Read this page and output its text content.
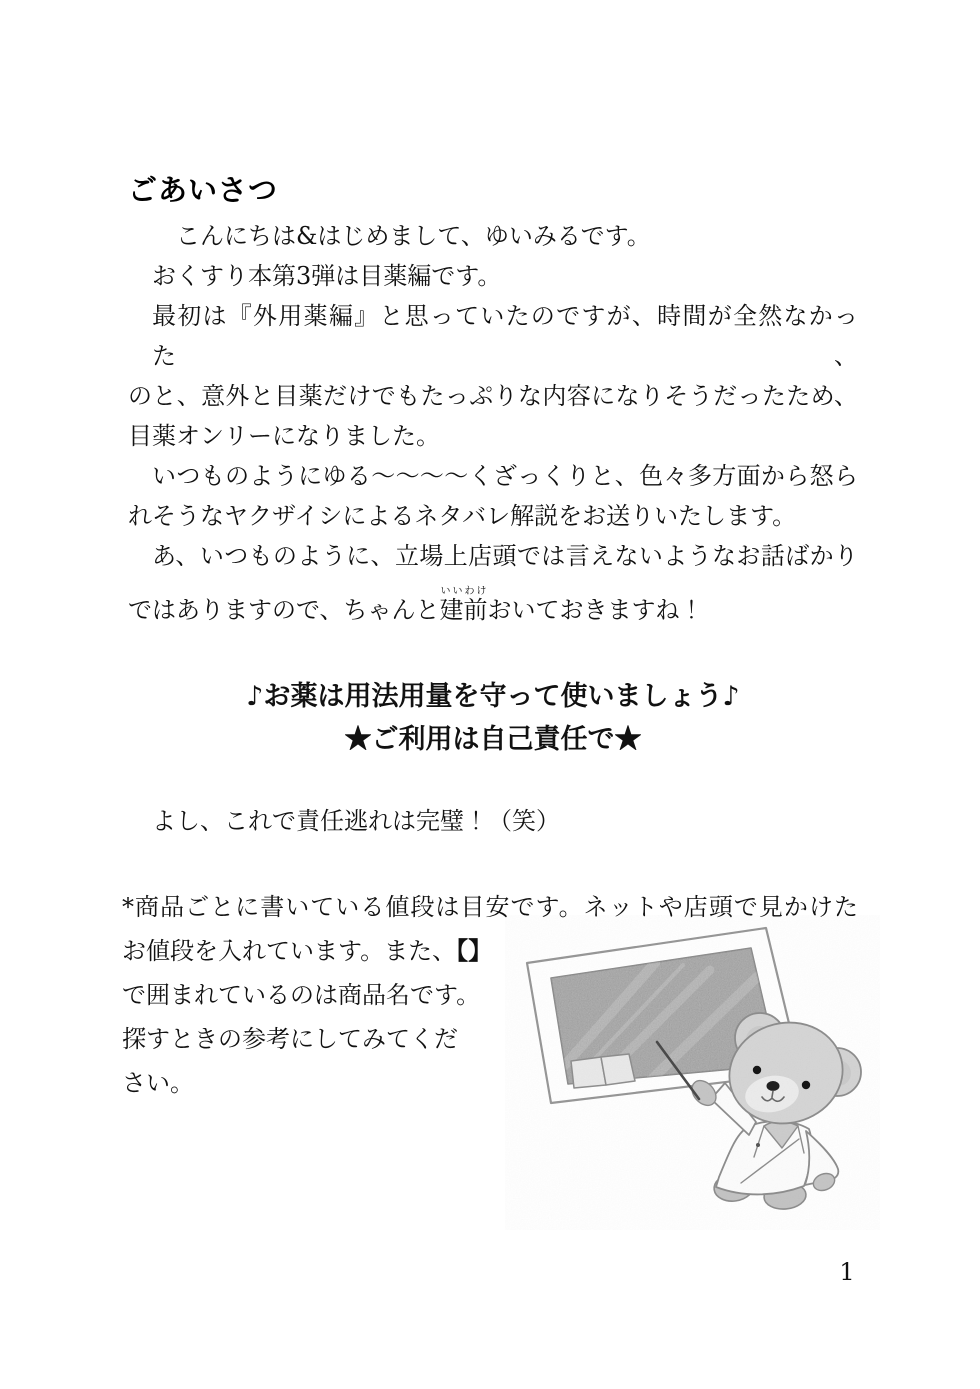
ごあいさつ
こんにちは&はじめまして、ゆいみるです。
おくすり本第3弾は目薬編です。
最初は『外用薬編』と思っていたのですが、時間が全然なかった、
のと、意外と目薬だけでもたっぷりな内容になりそうだったため、
目薬オンリーになりました。
いつものようにゆる～～～～くざっくりと、色々多方面から怒ら
れそうなヤクザイシによるネタバレ解説をお送りいたします。
あ、いつものように、立場上店頭では言えないようなお話ばかり
ではありますので、ちゃんと建前いいわけおいておきますね！
♪お薬は用法用量を守って使いましょう♪
★ご利用は自己責任で★
よし、これで責任逃れは完璧！（笑）
*商品ごとに書いている値段は目安です。ネットや店頭で見かけた
お値段を入れています。また、【】
で囲まれているのは商品名です。
探すときの参考にしてみてくだ
さい。
1
